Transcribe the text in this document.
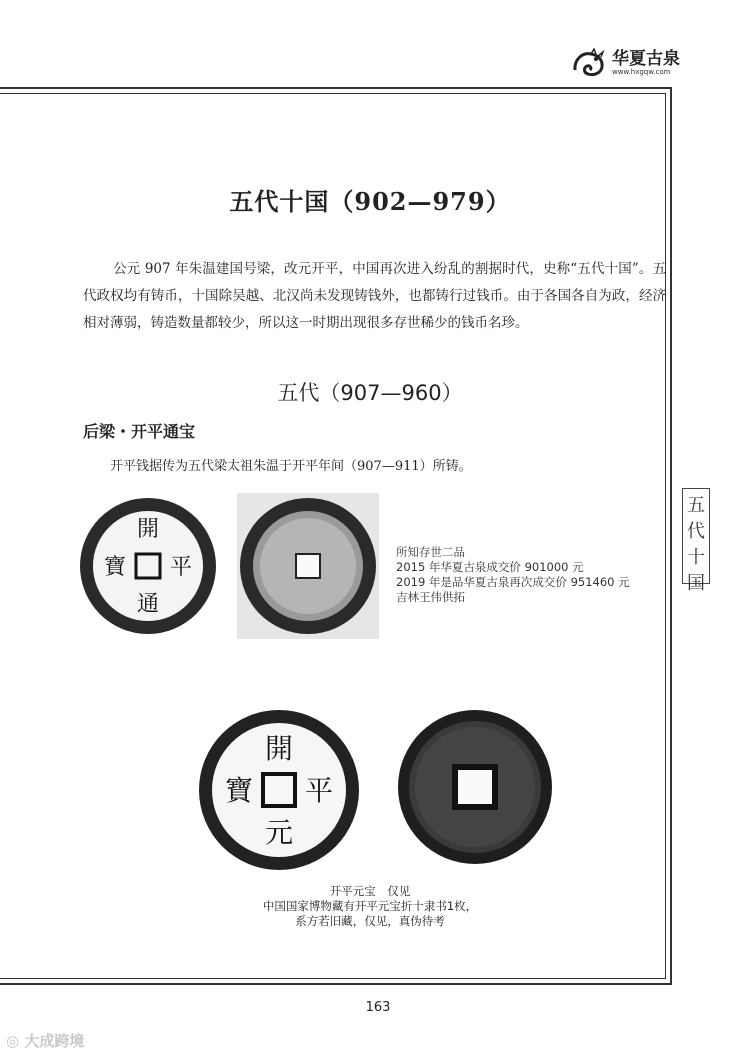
华夏古泉
www.hxgqw.com
五代十国（902—979）

公元 907 年朱温建国号梁，改元开平，中国再次进入纷乱的割据时代，史称“五代十国”。五代政权均有铸币，十国除吴越、北汉尚未发现铸钱外，也都铸行过钱币。由于各国各自为政，经济相对薄弱，铸造数量都较少，所以这一时期出现很多存世稀少的钱币名珍。

五代（907—960）
后梁・开平通宝

开平钱据传为五代梁太祖朱温于开平年间（907—911）所铸。

開
平
通
寶
所知存世二品
2015 年华夏古泉成交价 901000 元
2019 年是品华夏古泉再次成交价 951460 元
吉林王伟供拓
開
平
元
寶
开平元宝　仅见
中国国家博物藏有开平元宝折十隶书1枚，
系方若旧藏，仅见，真伪待考
五
代
十
国
163
◎ 大成跨境
